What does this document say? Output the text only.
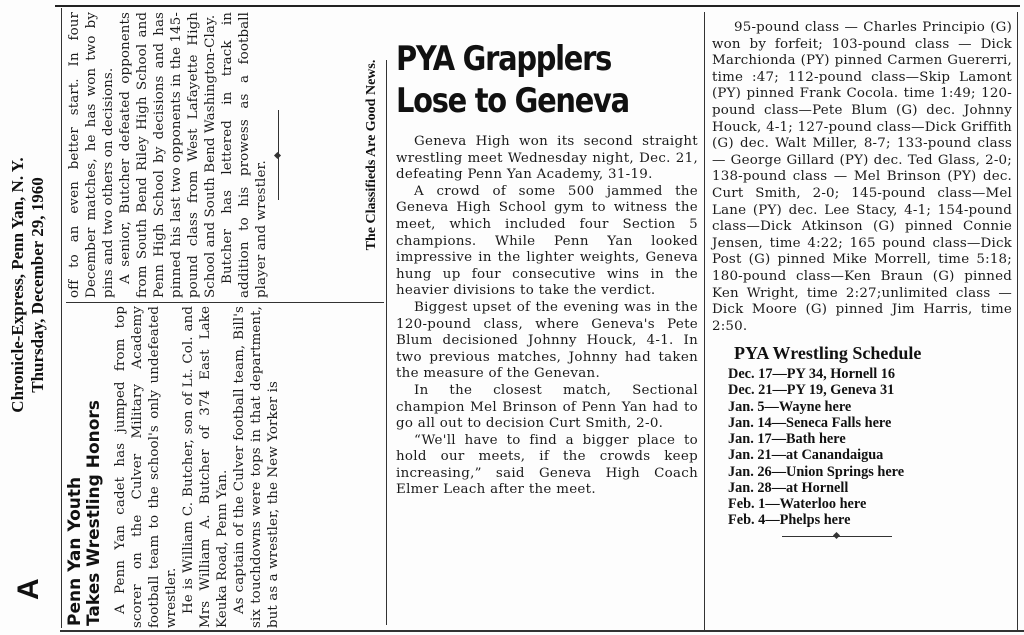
A
Chronicle-Express, Penn Yan, N. Y. Thursday, December 29, 1960
Penn Yan Youth Takes Wrestling Honors A Penn Yan cadet has jumped from top scorer on the Culver Military Academy football team to the school's only undefeated wrestler. He is William C. Butcher, son of Lt. Col. and Mrs William A. Butcher of 374 East Lake Keuka Road, Penn Yan. As captain of the Culver football team, Bill's six touchdowns were tops in that department, but as a wrestler, the New Yorker is

off to an even better start. In four December matches, he has won two by pins and two others on decisions. A senior, Butcher defeated opponents from South Bend Riley High School and Penn High School by decisions and has pinned his last two opponents in the 145-pound class from West Lafayette High School and South Bend Washington-Clay. Butcher has lettered in track in addition to his prowess as a football player and wrestler.	The Classifieds Are Good News.
PYA Grapplers
Lose to Geneva

Geneva High won its second straight wrestling meet Wednesday night, Dec. 21, defeating Penn Yan Academy, 31-19.

A crowd of some 500 jammed the Geneva High School gym to witness the meet, which included four Section 5 champions. While Penn Yan looked impressive in the lighter weights, Geneva hung up four consecutive wins in the heavier divisions to take the verdict.

Biggest upset of the evening was in the 120-pound class, where Geneva's Pete Blum decisioned Johnny Houck, 4-1. In two previous matches, Johnny had taken the measure of the Genevan.

In the closest match, Sectional champion Mel Brinson of Penn Yan had to go all out to decision Curt Smith, 2-0.

“We'll have to find a bigger place to hold our meets, if the crowds keep increasing,” said Geneva High Coach Elmer Leach after the meet.

95-pound class — Charles Principio (G) won by forfeit; 103-pound class — Dick Marchionda (PY) pinned Carmen Guererri, time :47; 112-pound class—Skip Lamont (PY) pinned Frank Cocola. time 1:49; 120-pound class—Pete Blum (G) dec. Johnny Houck, 4-1; 127-pound class—Dick Griffith (G) dec. Walt Miller, 8-7; 133-pound class — George Gillard (PY) dec. Ted Glass, 2-0; 138-pound class — Mel Brinson (PY) dec. Curt Smith, 2-0; 145-pound class—Mel Lane (PY) dec. Lee Stacy, 4-1; 154-pound class—Dick Atkinson (G) pinned Connie Jensen, time 4:22; 165 pound class—Dick Post (G) pinned Mike Morrell, time 5:18; 180-pound class—Ken Braun (G) pinned Ken Wright, time 2:27;unlimited class — Dick Moore (G) pinned Jim Harris, time 2:50.

PYA Wrestling Schedule
Dec. 17—PY 34, Hornell 16
Dec. 21—PY 19, Geneva 31
Jan. 5—Wayne here
Jan. 14—Seneca Falls here
Jan. 17—Bath here
Jan. 21—at Canandaigua
Jan. 26—Union Springs here
Jan. 28—at Hornell
Feb. 1—Waterloo here
Feb. 4—Phelps here
